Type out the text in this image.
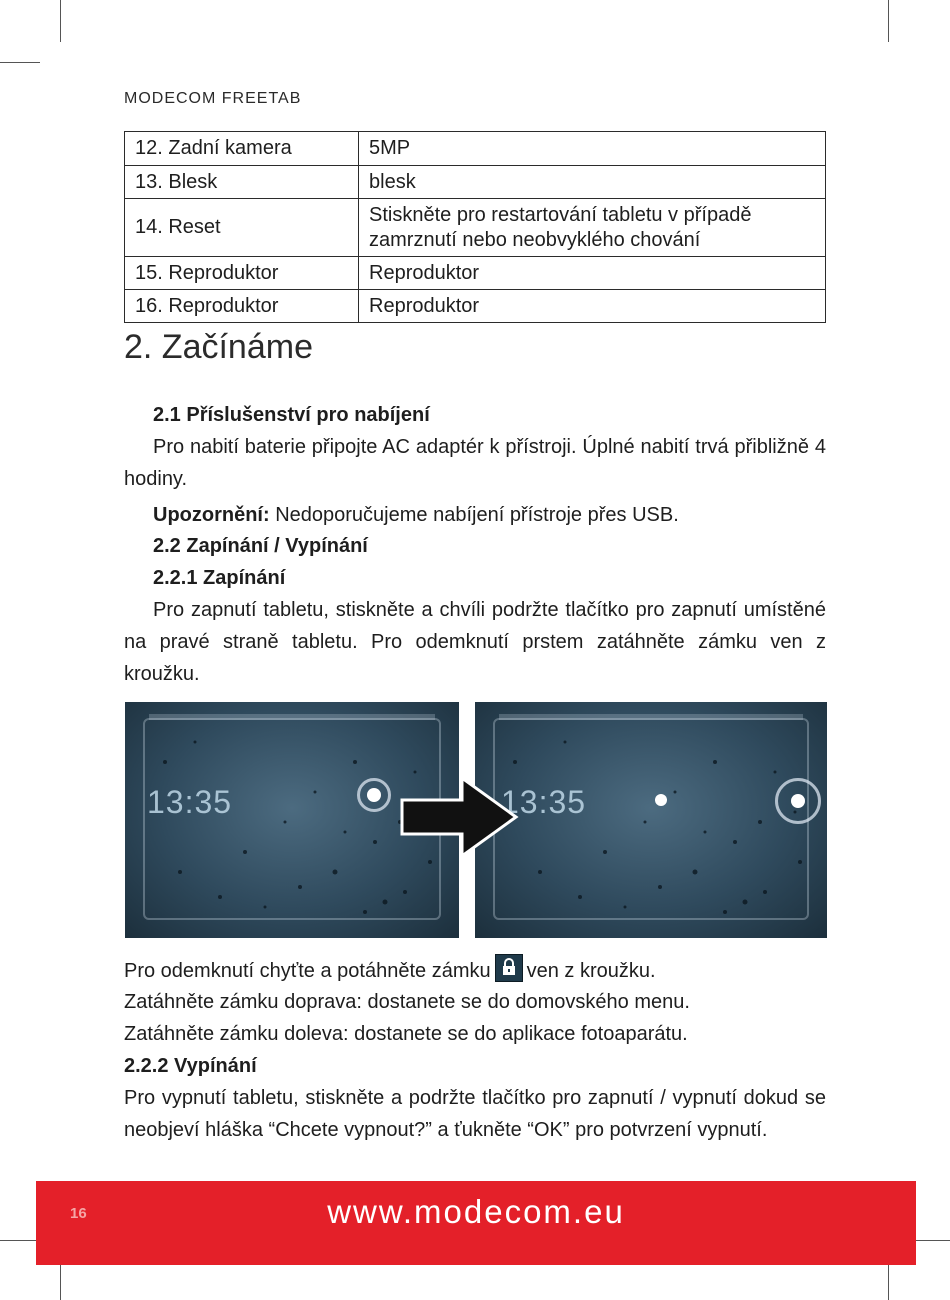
MODECOM FREETAB
12. Zadní kamera	5MP
13. Blesk	blesk
14. Reset	Stiskněte pro restartování tabletu v případě zamrznutí nebo neobvyklého chování
15. Reproduktor	Reproduktor
16. Reproduktor	Reproduktor
2. Začínáme
2.1 Příslušenství pro nabíjení
Pro nabití baterie připojte AC adaptér k přístroji. Úplné nabití trvá přibližně 4 hodiny.
Upozornění: Nedoporučujeme nabíjení přístroje přes USB.
2.2 Zapínání / Vypínání
2.2.1 Zapínání
Pro zapnutí tabletu, stiskněte a chvíli podržte tlačítko pro zapnutí umístěné na pravé straně tabletu. Pro odemknutí prstem zatáhněte zámku ven z kroužku.
13:35	13:35
Pro odemknutí chyťte a potáhněte zámku ven z kroužku.
Zatáhněte zámku doprava: dostanete se do domovského menu.
Zatáhněte zámku doleva: dostanete se do aplikace fotoaparátu.
2.2.2 Vypínání
Pro vypnutí tabletu, stiskněte a podržte tlačítko pro zapnutí / vypnutí dokud se neobjeví hláška “Chcete vypnout?” a ťukněte “OK” pro potvrzení vypnutí.
16	www.modecom.eu
